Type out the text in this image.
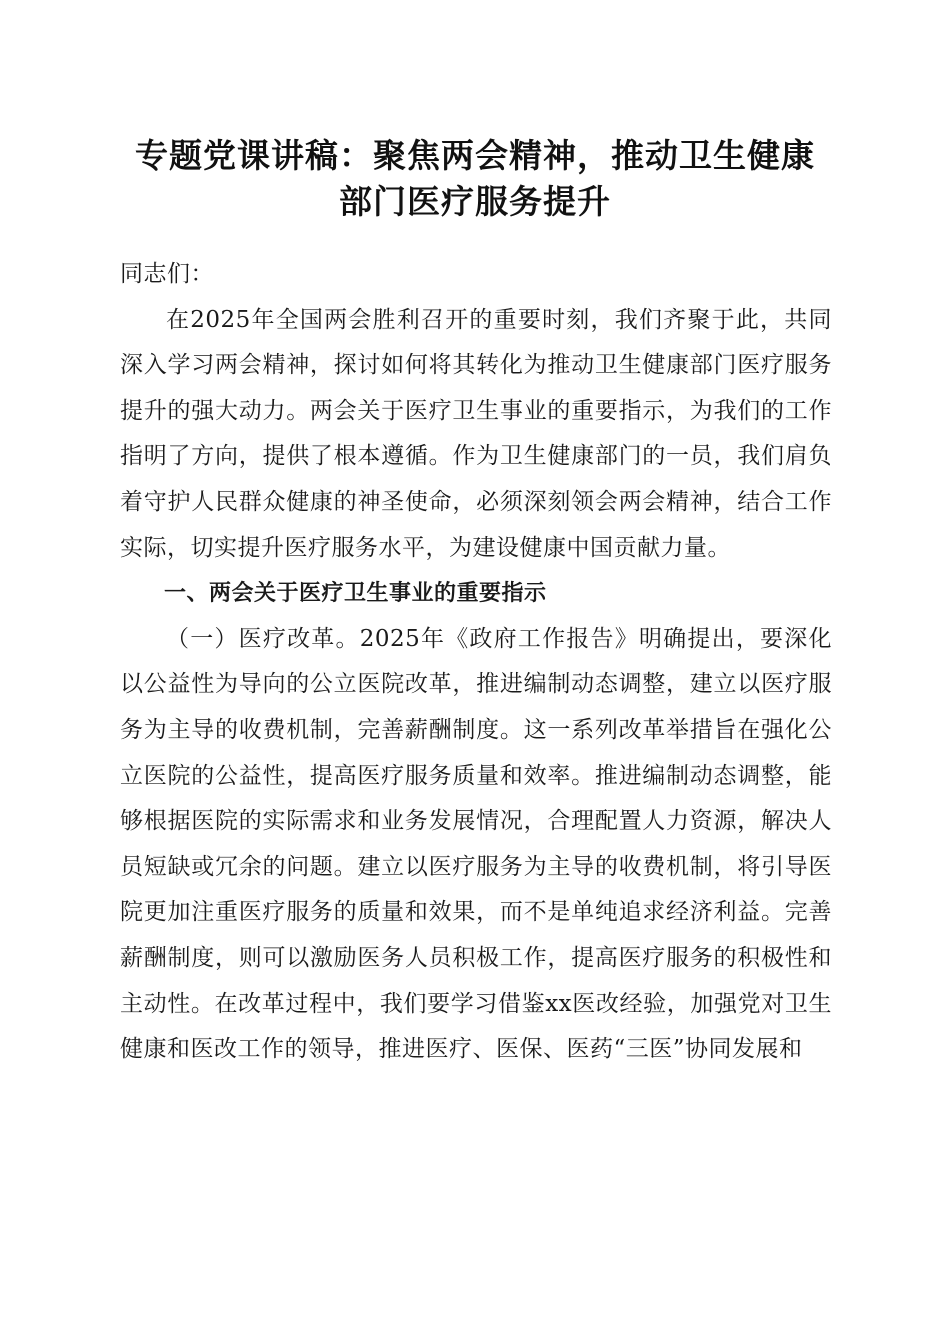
专题党课讲稿：聚焦两会精神，推动卫生健康
部门医疗服务提升

同志们：

在2025年全国两会胜利召开的重要时刻，我们齐聚于此，共同深入学习两会精神，探讨如何将其转化为推动卫生健康部门医疗服务提升的强大动力。两会关于医疗卫生事业的重要指示，为我们的工作指明了方向，提供了根本遵循。作为卫生健康部门的一员，我们肩负着守护人民群众健康的神圣使命，必须深刻领会两会精神，结合工作实际，切实提升医疗服务水平，为建设健康中国贡献力量。

一、两会关于医疗卫生事业的重要指示

（一）医疗改革。2025年《政府工作报告》明确提出，要深化以公益性为导向的公立医院改革，推进编制动态调整，建立以医疗服务为主导的收费机制，完善薪酬制度。这一系列改革举措旨在强化公立医院的公益性，提高医疗服务质量和效率。推进编制动态调整，能够根据医院的实际需求和业务发展情况，合理配置人力资源，解决人员短缺或冗余的问题。建立以医疗服务为主导的收费机制，将引导医院更加注重医疗服务的质量和效果，而不是单纯追求经济利益。完善薪酬制度，则可以激励医务人员积极工作，提高医疗服务的积极性和主动性。在改革过程中，我们要学习借鉴xx医改经验，加强党对卫生健康和医改工作的领导，推进医疗、医保、医药“三医”协同发展和
